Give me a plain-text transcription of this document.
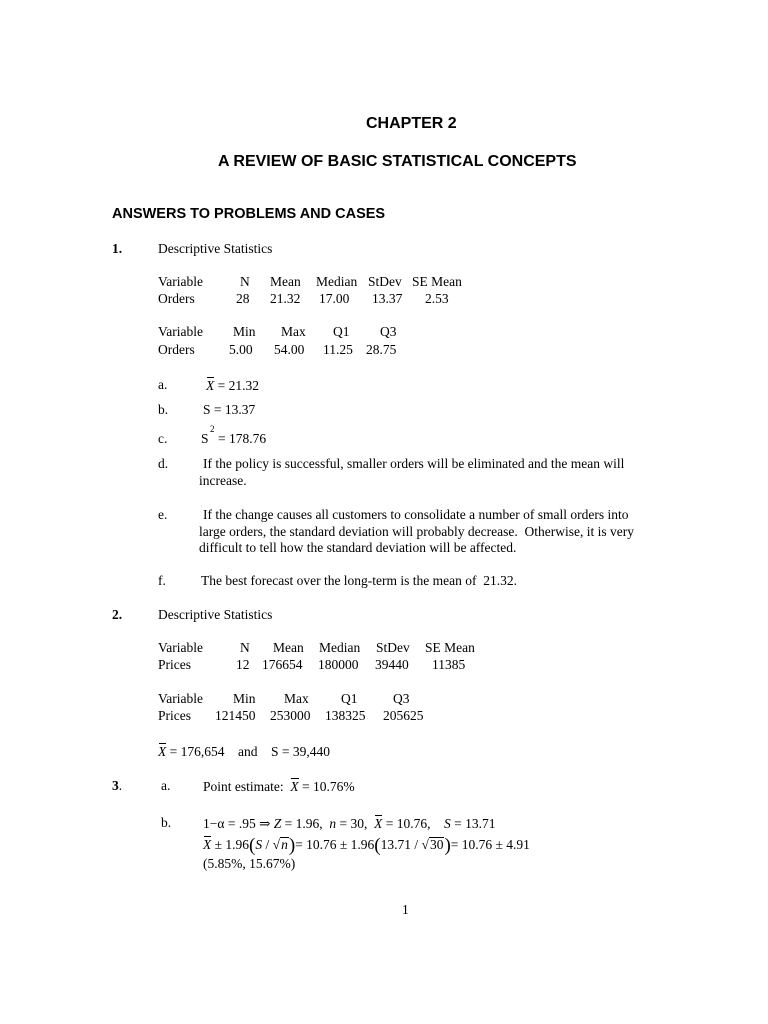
CHAPTER 2
A REVIEW OF BASIC STATISTICAL CONCEPTS
ANSWERS TO PROBLEMS AND CASES
1.	Descriptive Statistics
Variable	N Mean Median StDev SE Mean
Orders	28 21.32 17.00 13.37 2.53
Variable Min Max Q1 Q3
Orders	5.00 54.00 11.25 28.75
a.	X = 21.32
b.	S = 13.37
c. S
2
= 178.76
d.	If the policy is successful, smaller orders will be eliminated and the mean will
increase.
e.	If the change causes all customers to consolidate a number of small orders into
large orders, the standard deviation will probably decrease.  Otherwise, it is very
difficult to tell how the standard deviation will be affected.
f.	The best forecast over the long-term is the mean of  21.32.
2.	Descriptive Statistics
Variable	N Mean Median StDev SE Mean
Prices	12 176654 180000 39440 11385
Variable Min Max Q1	Q3
Prices 121450 253000 138325 205625
X = 176,654 and S = 39,440
3.	a. Point estimate: X = 10.76%
b. 1−α = .95 ⇒ Z = 1.96, n = 30, X = 10.76, S = 13.71
X ± 1.96(S / √n)= 10.76 ± 1.96(13.71 / √30)= 10.76 ± 4.91
(5.85%, 15.67%)
1
